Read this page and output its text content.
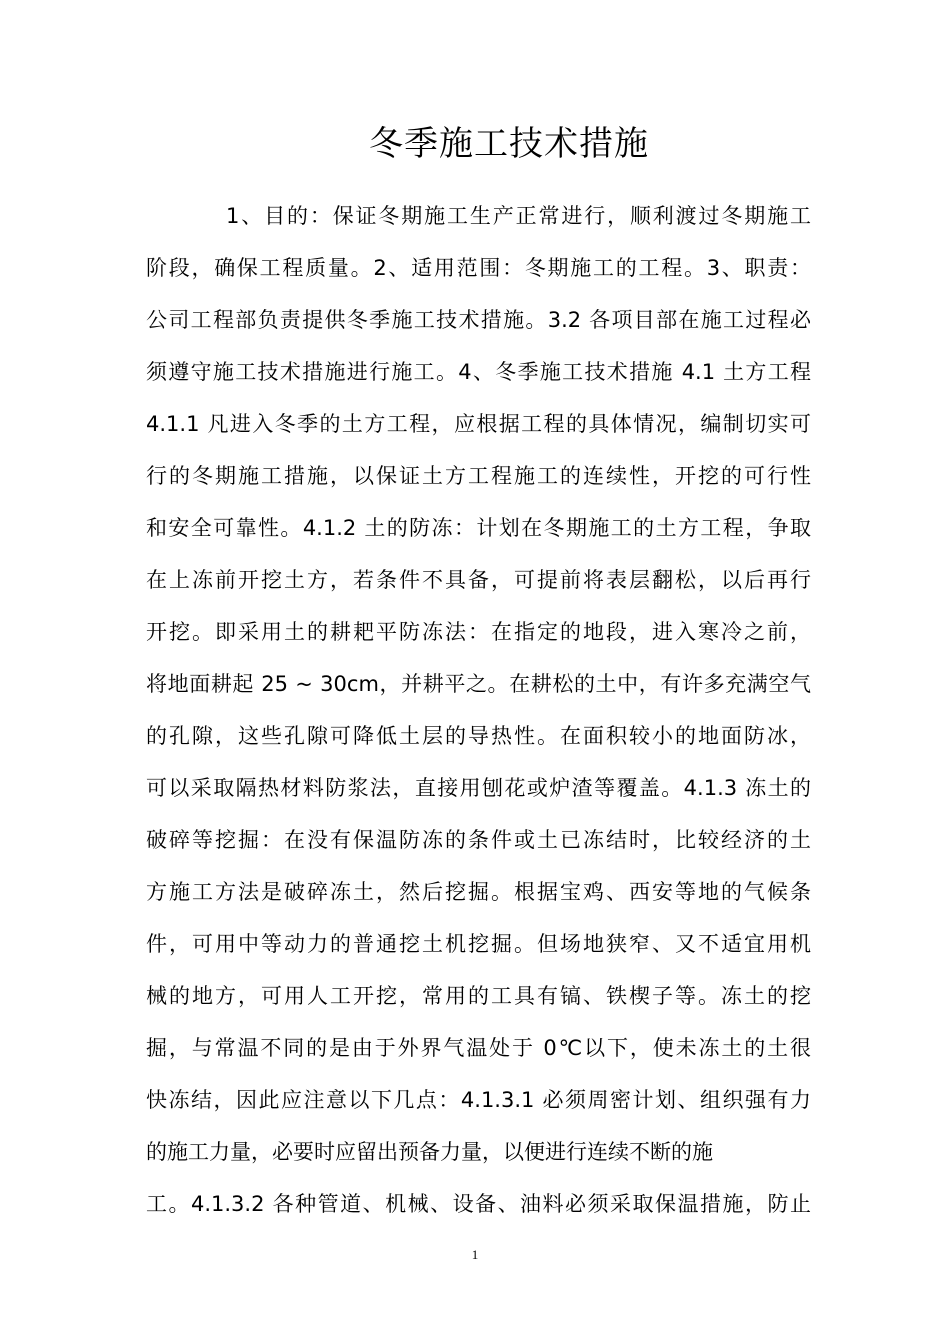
冬季施工技术措施
1、目的：保证冬期施工生产正常进行，顺利渡过冬期施工
阶段，确保工程质量。2、适用范围：冬期施工的工程。3、职责：
公司工程部负责提供冬季施工技术措施。3.2 各项目部在施工过程必
须遵守施工技术措施进行施工。4、冬季施工技术措施 4.1 土方工程
4.1.1 凡进入冬季的土方工程，应根据工程的具体情况，编制切实可
行的冬期施工措施，以保证土方工程施工的连续性，开挖的可行性
和安全可靠性。4.1.2 土的防冻：计划在冬期施工的土方工程，争取
在上冻前开挖土方，若条件不具备，可提前将表层翻松，以后再行
开挖。即采用土的耕耙平防冻法：在指定的地段，进入寒冷之前，
将地面耕起 25 ~ 30cm，并耕平之。在耕松的土中，有许多充满空气
的孔隙，这些孔隙可降低土层的导热性。在面积较小的地面防冰，
可以采取隔热材料防浆法，直接用刨花或炉渣等覆盖。4.1.3 冻土的
破碎等挖掘：在没有保温防冻的条件或土已冻结时，比较经济的土
方施工方法是破碎冻土，然后挖掘。根据宝鸡、西安等地的气候条
件，可用中等动力的普通挖土机挖掘。但场地狭窄、又不适宜用机
械的地方，可用人工开挖，常用的工具有镐、铁楔子等。冻土的挖
掘，与常温不同的是由于外界气温处于 0℃以下，使未冻土的土很
快冻结，因此应注意以下几点：4.1.3.1 必须周密计划、组织强有力
的施工力量，必要时应留出预备力量，以便进行连续不断的施
工。4.1.3.2 各种管道、机械、设备、油料必须采取保温措施，防止
1
